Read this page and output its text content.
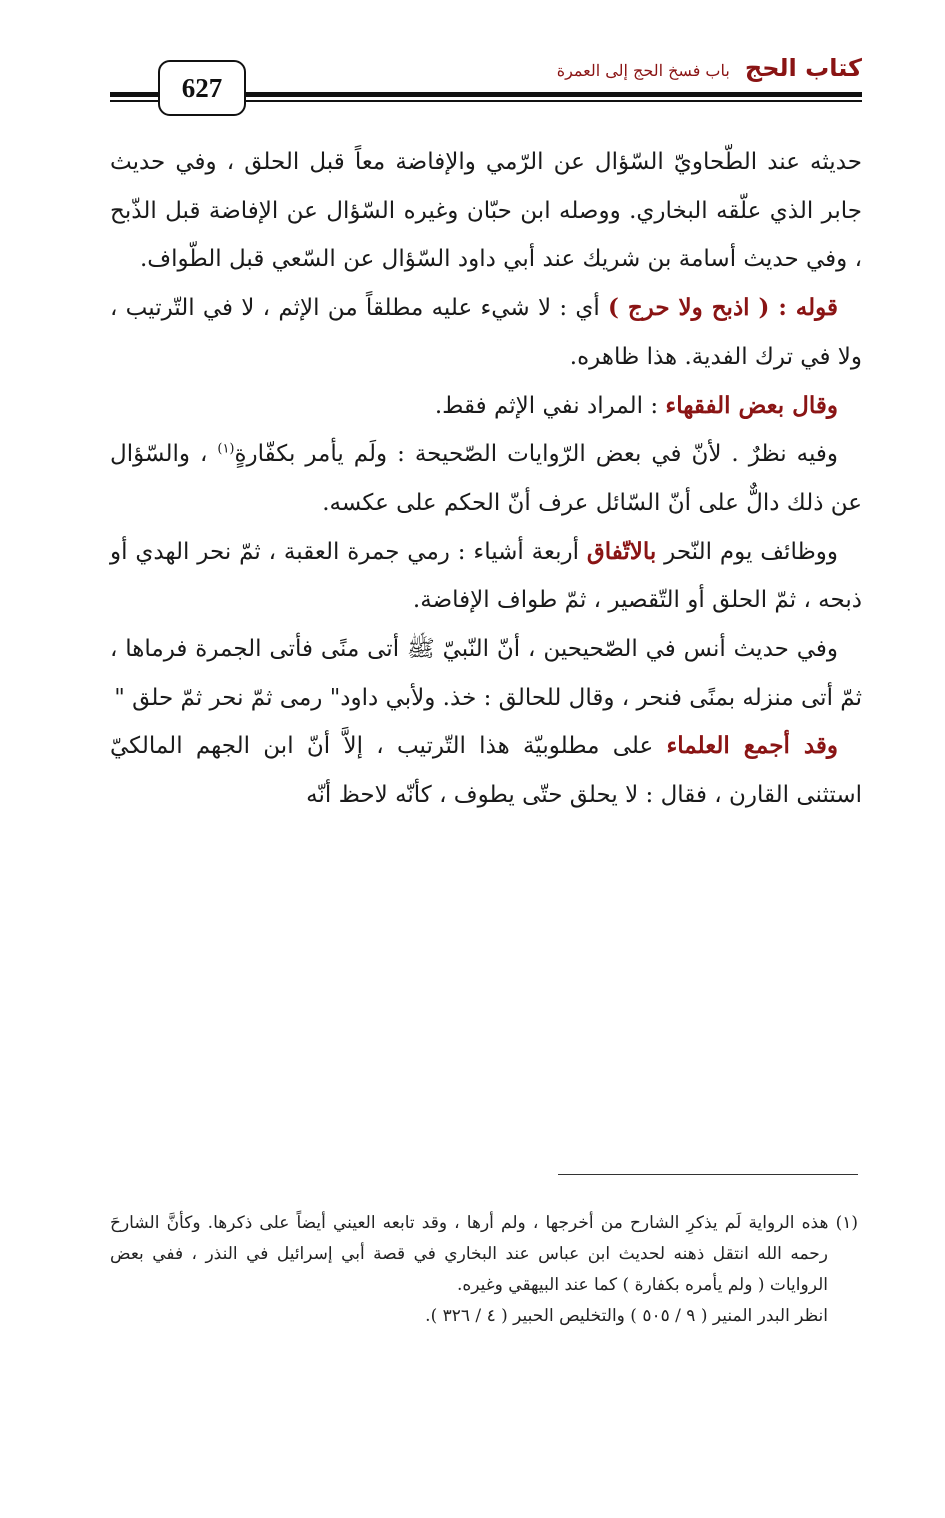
كتاب الحج باب فسخ الحج إلى العمرة
627

حديثه عند الطّحاويّ السّؤال عن الرّمي والإفاضة معاً قبل الحلق ، وفي حديث جابر الذي علّقه البخاري. ووصله ابن حبّان وغيره السّؤال عن الإفاضة قبل الذّبح ، وفي حديث أسامة بن شريك عند أبي داود السّؤال عن السّعي قبل الطّواف.

قوله : ( اذبح ولا حرج ) أي : لا شيء عليه مطلقاً من الإثم ، لا في التّرتيب ، ولا في ترك الفدية. هذا ظاهره.

وقال بعض الفقهاء : المراد نفي الإثم فقط.

وفيه نظرٌ . لأنّ في بعض الرّوايات الصّحيحة : ولَم يأمر بكفّارةٍ$^{(١)}$ ، والسّؤال عن ذلك دالٌّ على أنّ السّائل عرف أنّ الحكم على عكسه.

ووظائف يوم النّحر بالاتّفاق أربعة أشياء : رمي جمرة العقبة ، ثمّ نحر الهدي أو ذبحه ، ثمّ الحلق أو التّقصير ، ثمّ طواف الإفاضة.

وفي حديث أنس في الصّحيحين ، أنّ النّبيّ ﷺ أتى منًى فأتى الجمرة فرماها ، ثمّ أتى منزله بمنًى فنحر ، وقال للحالق : خذ. ولأبي داود" رمى ثمّ نحر ثمّ حلق "

وقد أجمع العلماء على مطلوبيّة هذا التّرتيب ، إلاَّ أنّ ابن الجهم المالكيّ استثنى القارن ، فقال : لا يحلق حتّى يطوف ، كأنّه لاحظ أنّه

(١) هذه الرواية لَم يذكرِ الشارح من أخرجها ، ولم أرها ، وقد تابعه العيني أيضاً على ذكرها. وكأنَّ الشارحَ رحمه الله انتقل ذهنه لحديث ابن عباس عند البخاري في قصة أبي إسرائيل في النذر ، ففي بعض الروايات ( ولم يأمره بكفارة ) كما عند البيهقي وغيره.

انظر البدر المنير ( ٩ / ٥٠٥ ) والتخليص الحبير ( ٤ / ٣٢٦ ).
